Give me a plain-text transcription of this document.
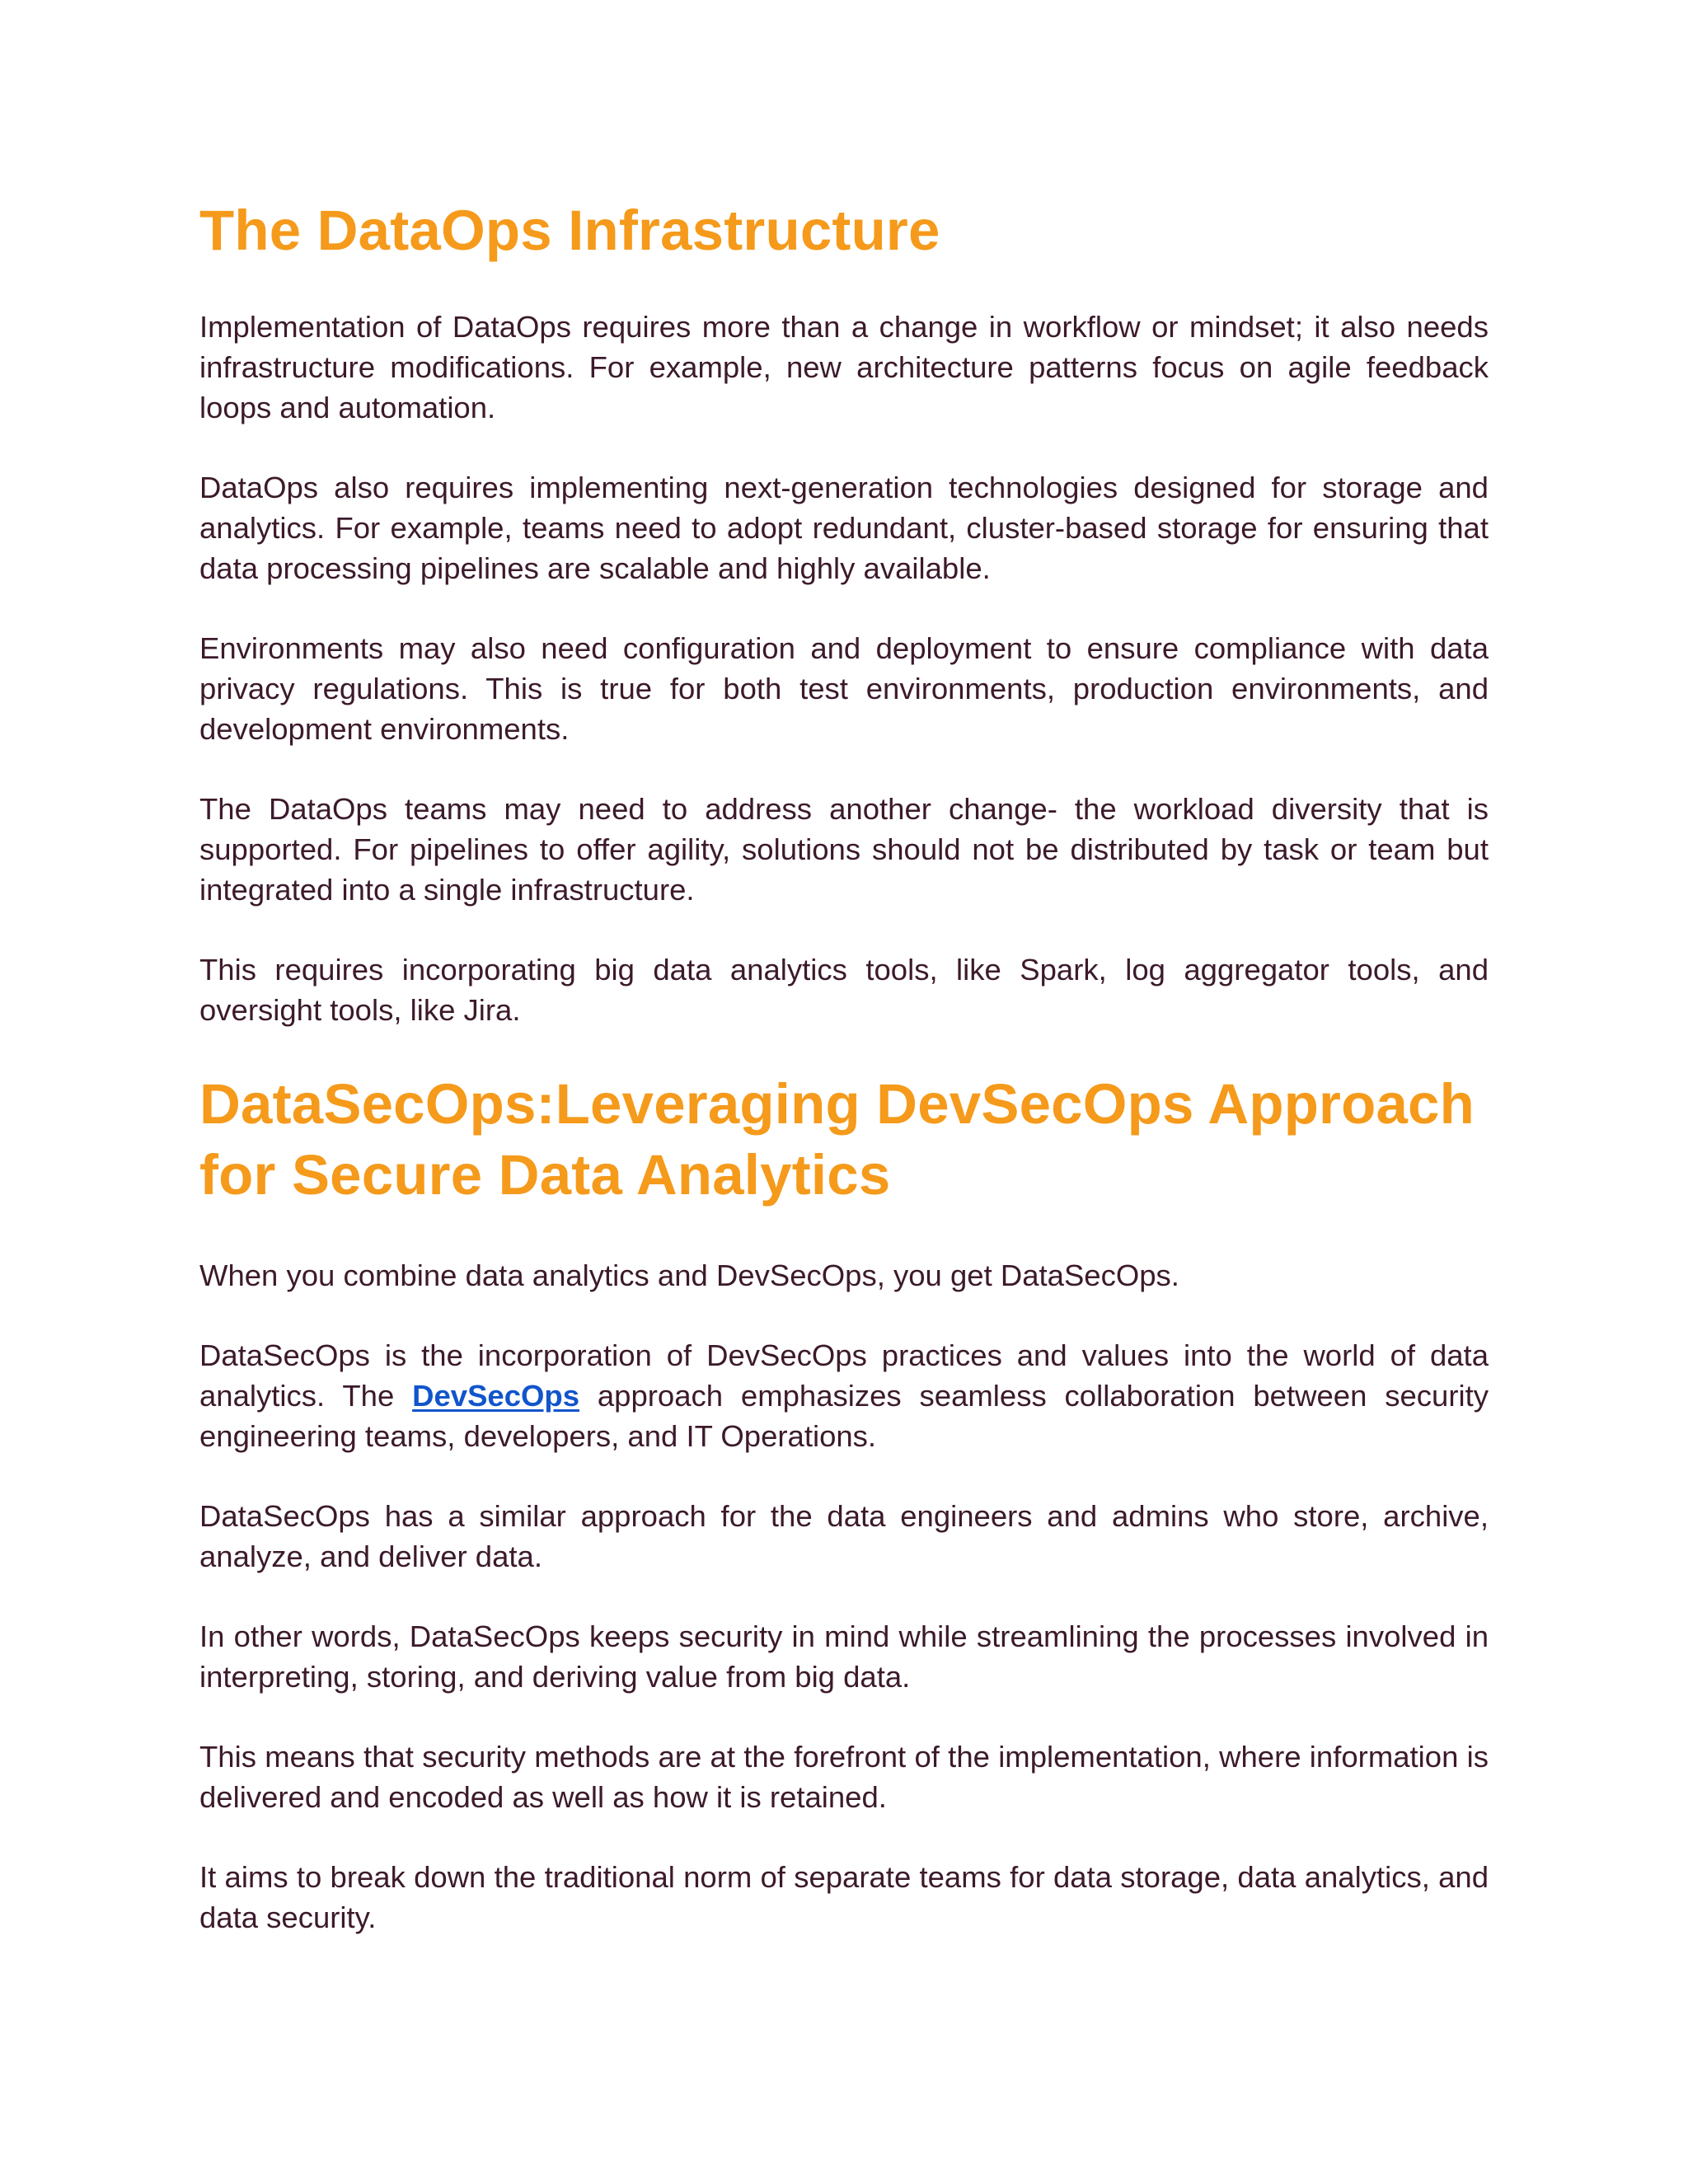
The DataOps Infrastructure

Implementation of DataOps requires more than a change in workflow or mindset; it also needs infrastructure modifications. For example, new architecture patterns focus on agile feedback loops and automation.

DataOps also requires implementing next-generation technologies designed for storage and analytics. For example, teams need to adopt redundant, cluster-based storage for ensuring that data processing pipelines are scalable and highly available.

Environments may also need configuration and deployment to ensure compliance with data privacy regulations. This is true for both test environments, production environments, and development environments.

The DataOps teams may need to address another change- the workload diversity that is supported. For pipelines to offer agility, solutions should not be distributed by task or team but integrated into a single infrastructure.

This requires incorporating big data analytics tools, like Spark, log aggregator tools, and oversight tools, like Jira.

DataSecOps:Leveraging DevSecOps Approach for Secure Data Analytics

When you combine data analytics and DevSecOps, you get DataSecOps.

DataSecOps is the incorporation of DevSecOps practices and values into the world of data analytics. The DevSecOps approach emphasizes seamless collaboration between security engineering teams, developers, and IT Operations.

DataSecOps has a similar approach for the data engineers and admins who store, archive, analyze, and deliver data.

In other words, DataSecOps keeps security in mind while streamlining the processes involved in interpreting, storing, and deriving value from big data.

This means that security methods are at the forefront of the implementation, where information is delivered and encoded as well as how it is retained.

It aims to break down the traditional norm of separate teams for data storage, data analytics, and data security.
